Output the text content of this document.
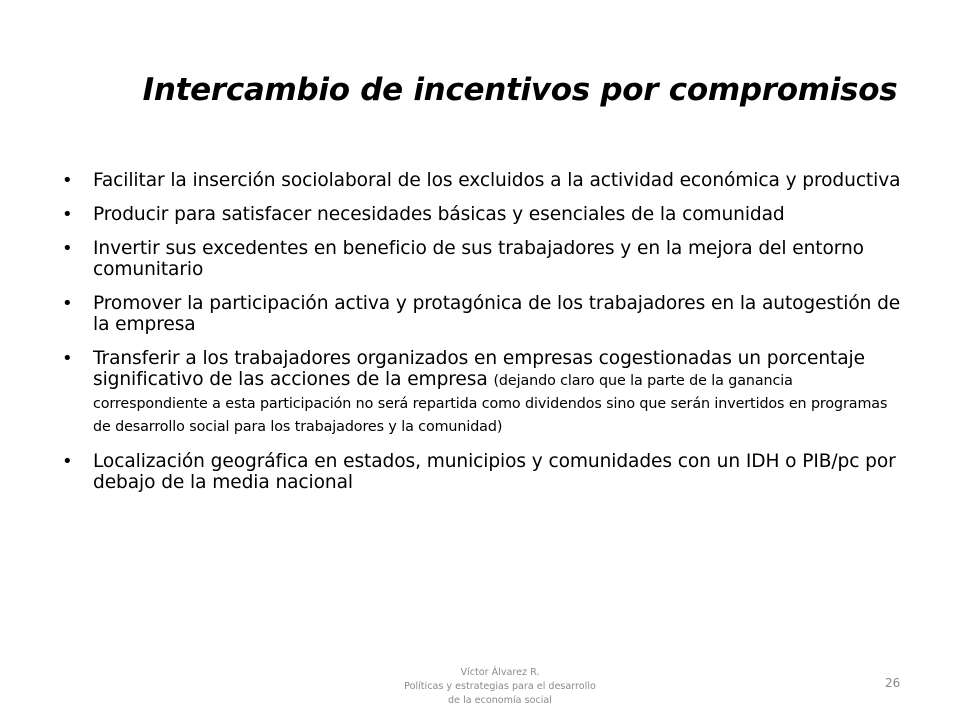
Intercambio de incentivos por compromisos
• Facilitar la inserción sociolaboral de los excluidos a la actividad económica y productiva
• Producir para satisfacer necesidades básicas y esenciales de la comunidad
• Invertir sus excedentes en beneficio de sus trabajadores y en la mejora del entorno comunitario
• Promover la participación activa y protagónica de los trabajadores en la autogestión de la empresa
• Transferir a los trabajadores organizados en empresas cogestionadas un porcentaje significativo de las acciones de la empresa (dejando claro que la parte de la ganancia correspondiente a esta participación no será repartida como dividendos sino que serán invertidos en programas de desarrollo social para los trabajadores y la comunidad)
• Localización geográfica en estados, municipios y comunidades con un IDH o PIB/pc por debajo de la media nacional
Víctor Álvarez R.
Políticas y estrategias para el desarrollo
de la economía social
26
